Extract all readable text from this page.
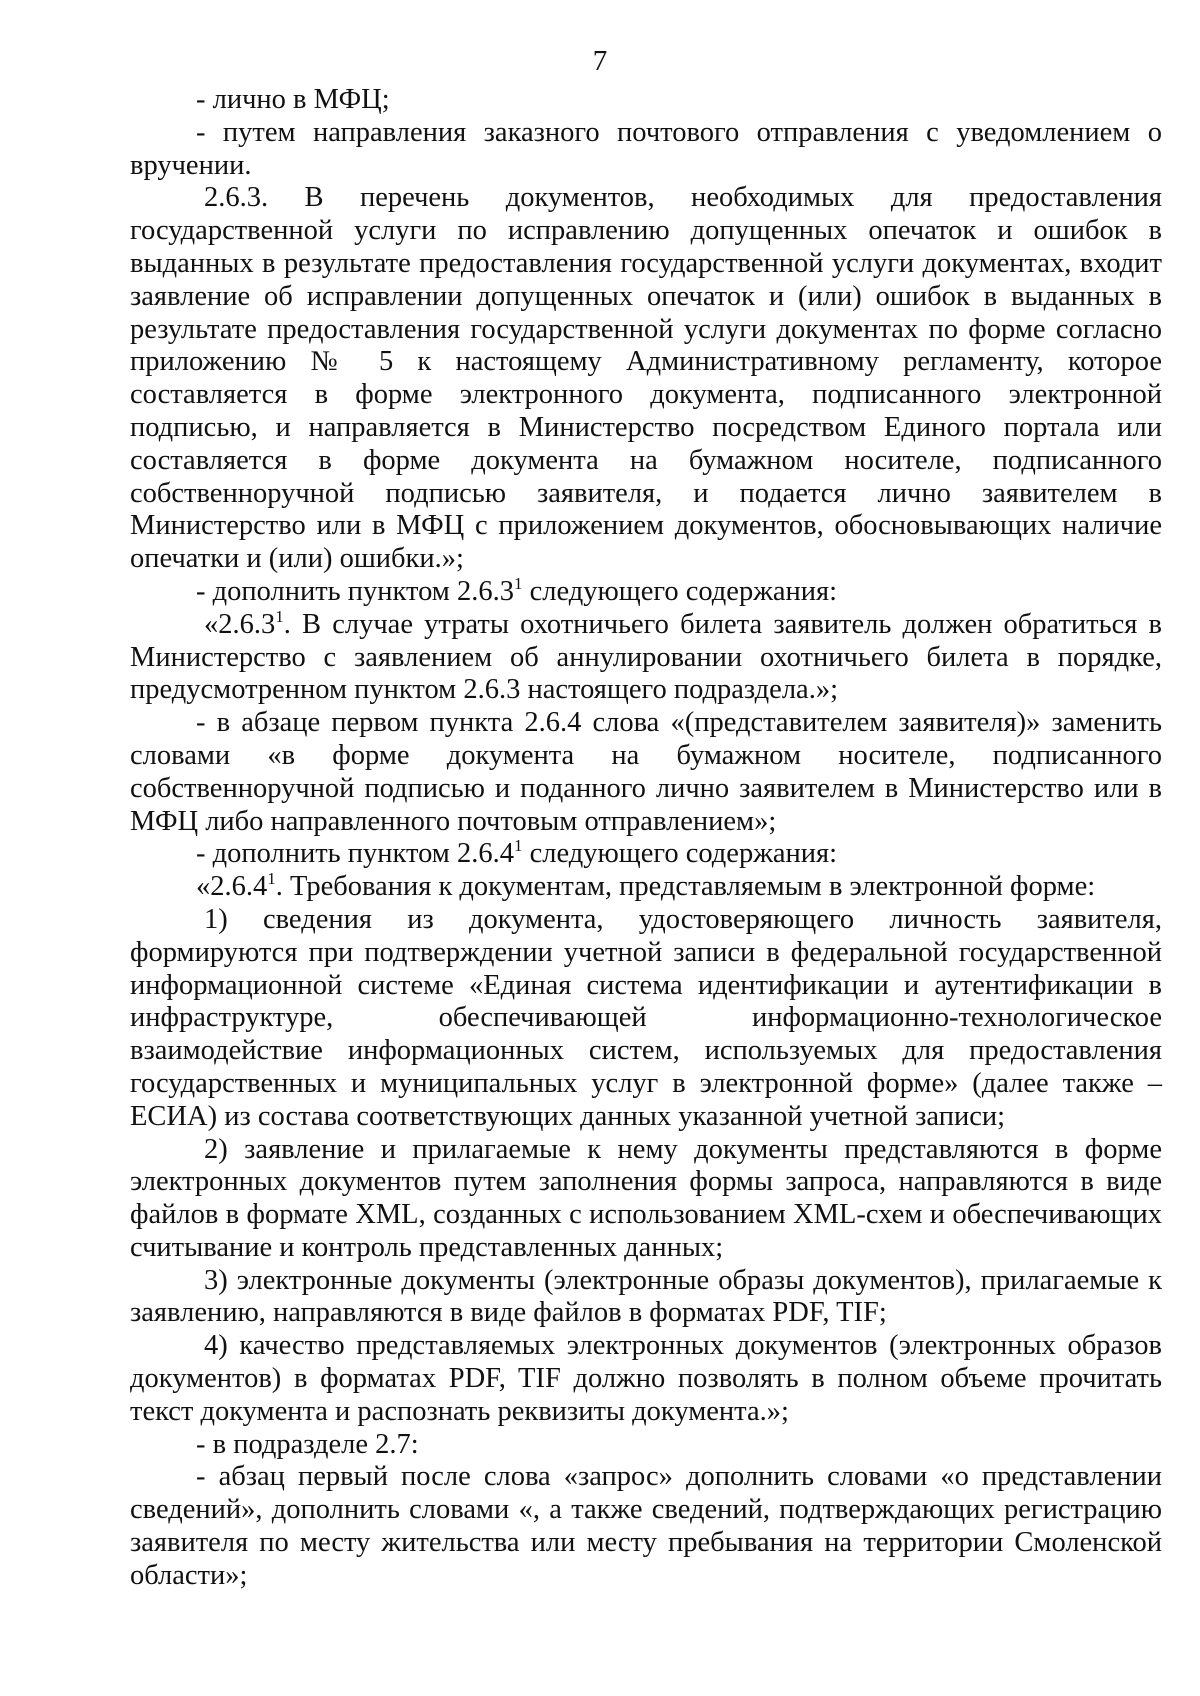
7

- лично в МФЦ;

- путем направления заказного почтового отправления с уведомлением о вручении.

2.6.3. В перечень документов, необходимых для предоставления государственной услуги по исправлению допущенных опечаток и ошибок в выданных в результате предоставления государственной услуги документах, входит заявление об исправлении допущенных опечаток и (или) ошибок в выданных в результате предоставления государственной услуги документах по форме согласно приложению № 5 к настоящему Административному регламенту, которое составляется в форме электронного документа, подписанного электронной подписью, и направляется в Министерство посредством Единого портала или составляется в форме документа на бумажном носителе, подписанного собственноручной подписью заявителя, и подается лично заявителем в Министерство или в МФЦ с приложением документов, обосновывающих наличие опечатки и (или) ошибки.»;

- дополнить пунктом 2.6.3$^1$ следующего содержания:

«2.6.3$^1$. В случае утраты охотничьего билета заявитель должен обратиться в Министерство с заявлением об аннулировании охотничьего билета в порядке, предусмотренном пунктом 2.6.3 настоящего подраздела.»;

- в абзаце первом пункта 2.6.4 слова «(представителем заявителя)» заменить словами «в форме документа на бумажном носителе, подписанного собственноручной подписью и поданного лично заявителем в Министерство или в МФЦ либо направленного почтовым отправлением»;

- дополнить пунктом 2.6.4$^1$ следующего содержания:

«2.6.4$^1$. Требования к документам, представляемым в электронной форме:

1) сведения из документа, удостоверяющего личность заявителя, формируются при подтверждении учетной записи в федеральной государственной информационной системе «Единая система идентификации и аутентификации в инфраструктуре, обеспечивающей информационно-технологическое взаимодействие информационных систем, используемых для предоставления государственных и муниципальных услуг в электронной форме» (далее также – ЕСИА) из состава соответствующих данных указанной учетной записи;

2) заявление и прилагаемые к нему документы представляются в форме электронных документов путем заполнения формы запроса, направляются в виде файлов в формате XML, созданных с использованием XML-схем и обеспечивающих считывание и контроль представленных данных;

3) электронные документы (электронные образы документов), прилагаемые к заявлению, направляются в виде файлов в форматах PDF, TIF;

4) качество представляемых электронных документов (электронных образов документов) в форматах PDF, TIF должно позволять в полном объеме прочитать текст документа и распознать реквизиты документа.»;

- в подразделе 2.7:

- абзац первый после слова «запрос» дополнить словами «о представлении сведений», дополнить словами «, а также сведений, подтверждающих регистрацию заявителя по месту жительства или месту пребывания на территории Смоленской области»;
